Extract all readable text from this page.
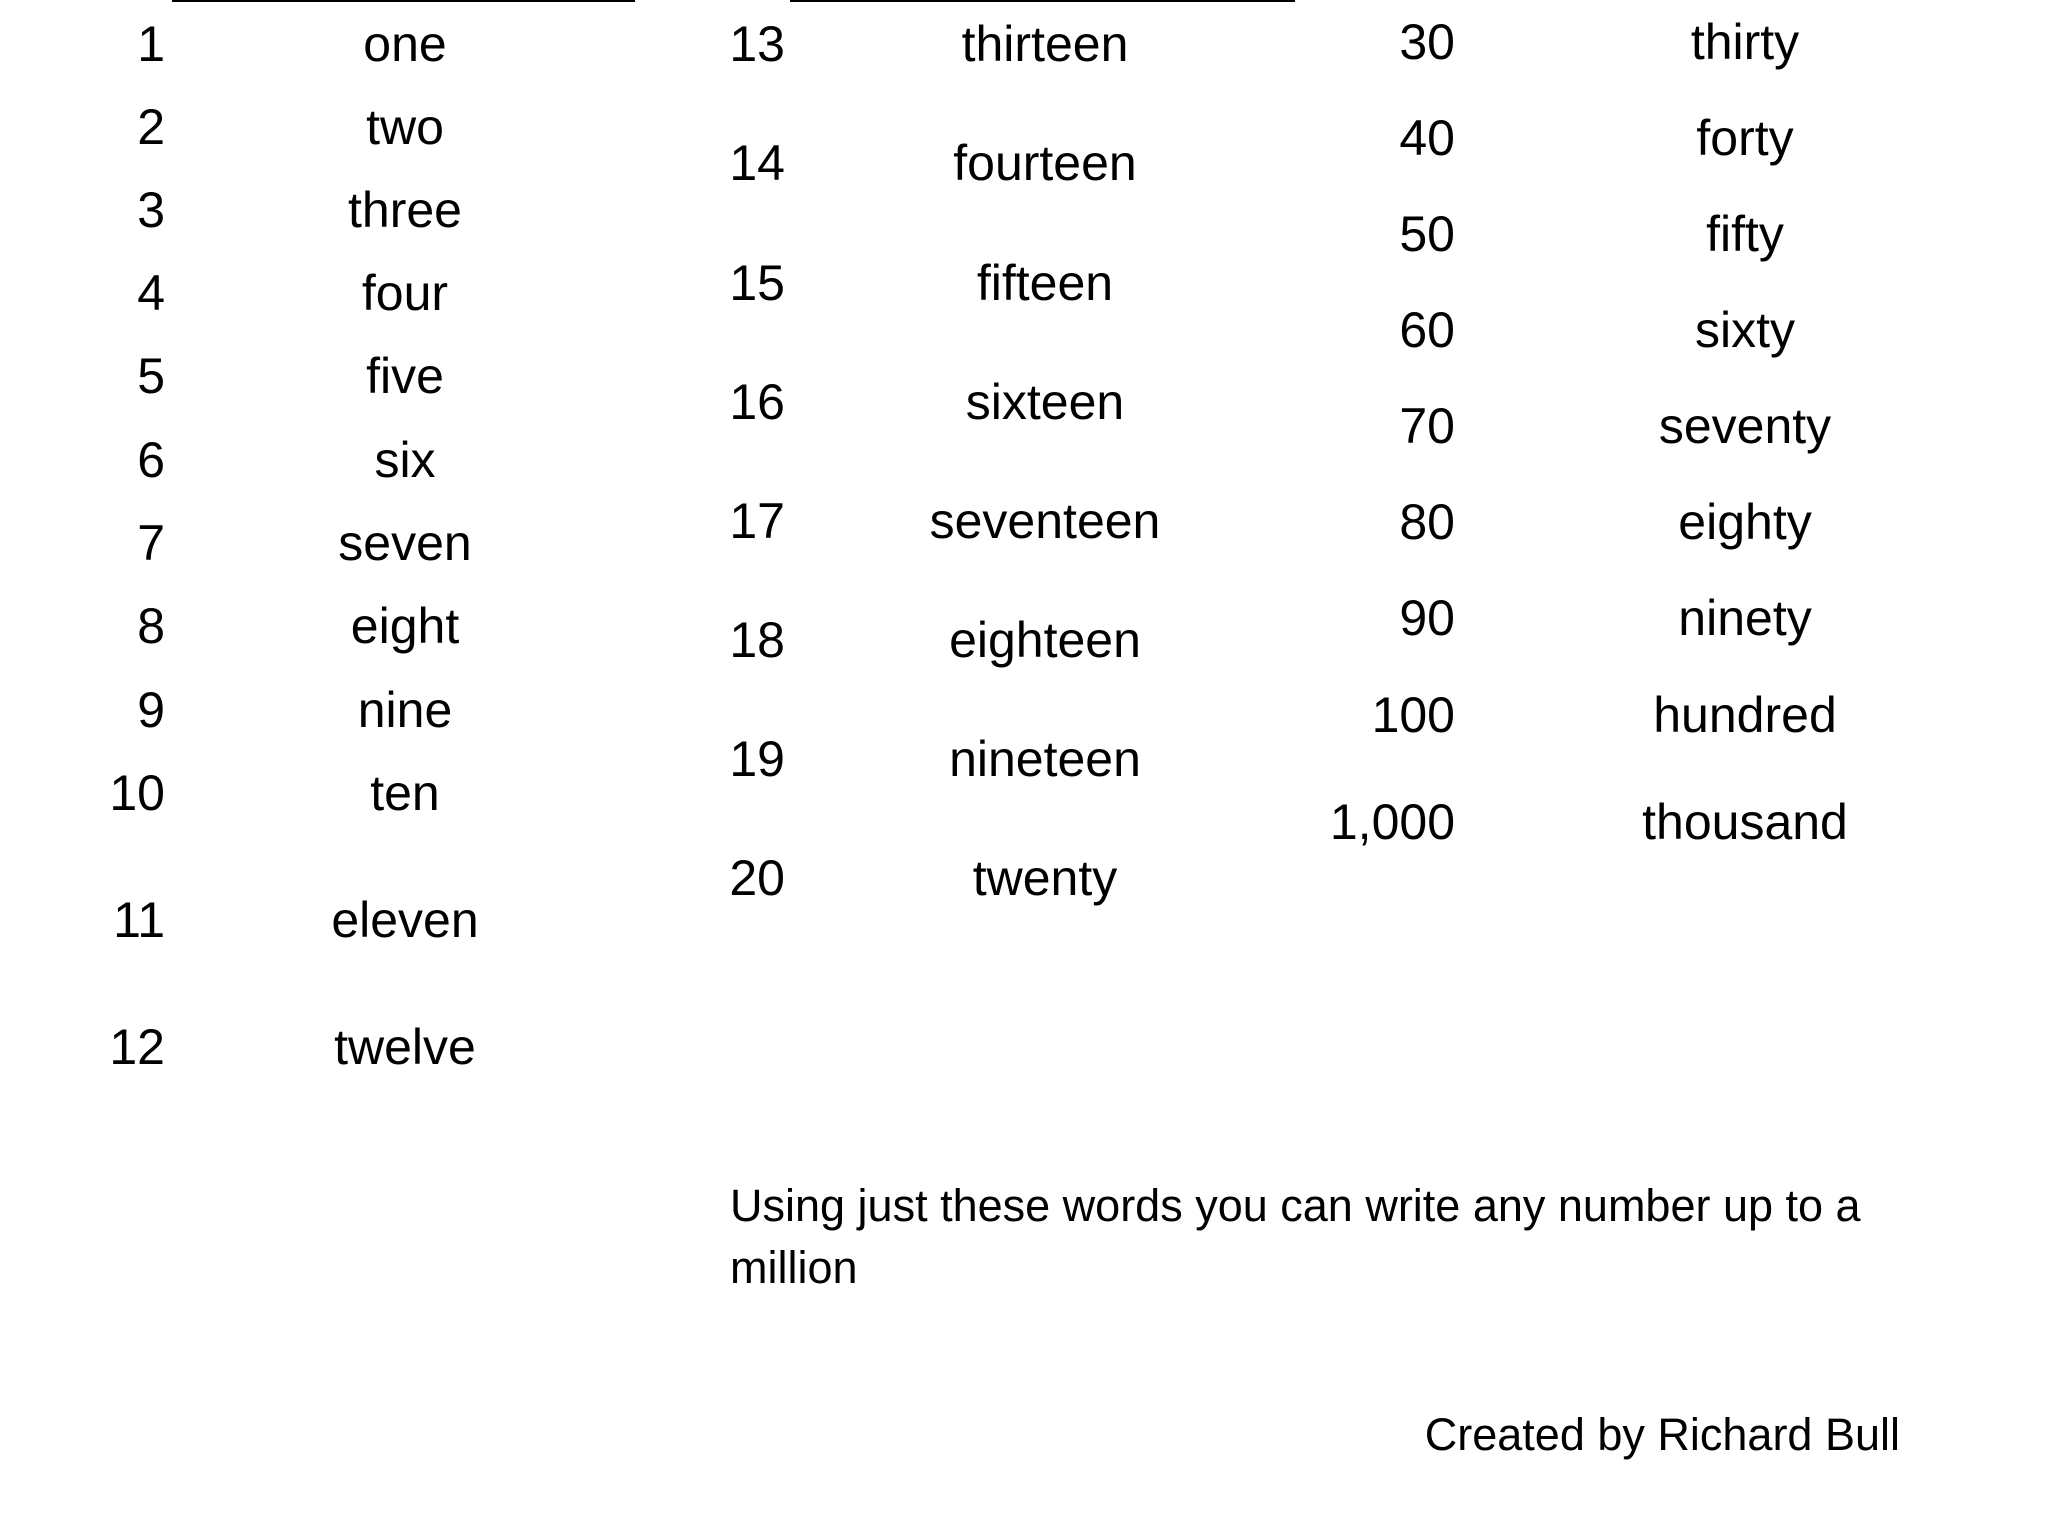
1	one
2	two
3	three
4	four
5	five
6	six
7	seven
8	eight
9	nine
10	ten
11	eleven
12	twelve
13	thirteen
14	fourteen
15	fifteen
16	sixteen
17	seventeen
18	eighteen
19	nineteen
20	twenty
30	thirty
40	forty
50	fifty
60	sixty
70	seventy
80	eighty
90	ninety
100	hundred
1,000	thousand
Using just these words you can write any number up to a million
Created by Richard Bull
